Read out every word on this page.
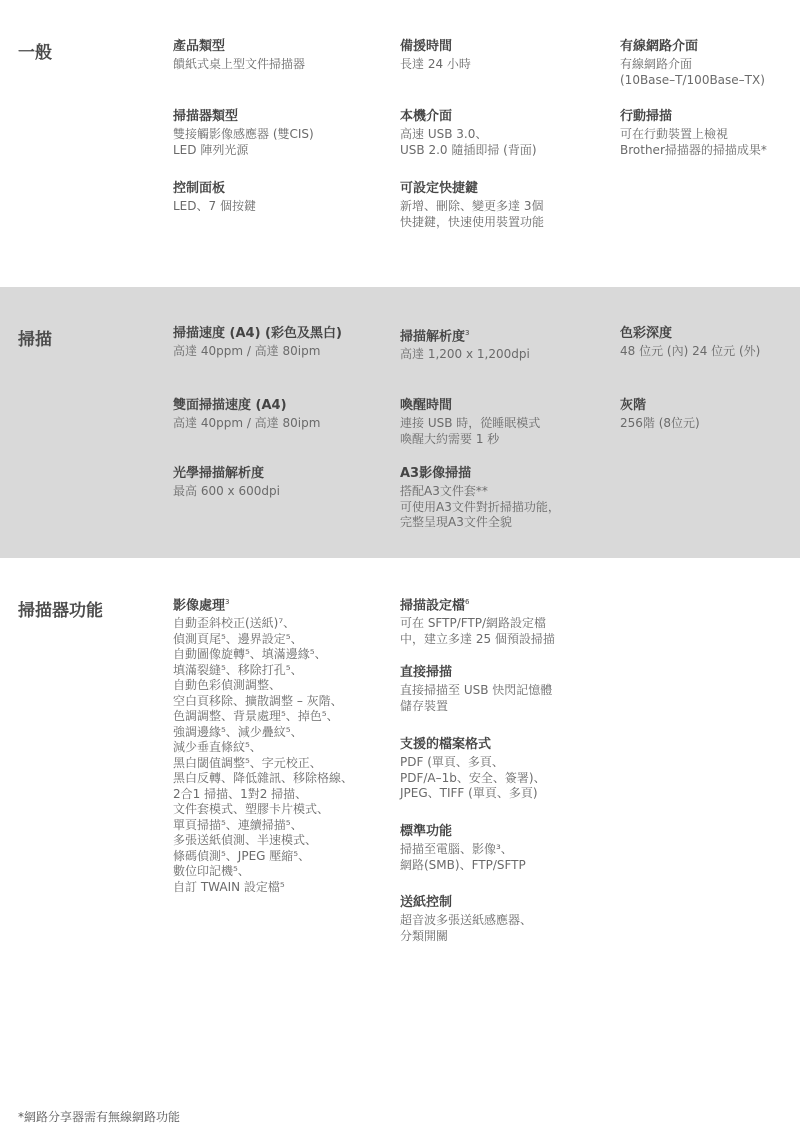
一般	產品類型
饋紙式桌上型文件掃描器
備援時間
長達 24 小時
有線網路介面
有線網路介面
(10Base–T/100Base–TX)
掃描器類型
雙接觸影像感應器 (雙CIS)
LED 陣列光源
本機介面
高速 USB 3.0、
USB 2.0 隨插即掃 (背面)
行動掃描
可在行動裝置上檢視
Brother掃描器的掃描成果*
控制面板
LED、7 個按鍵
可設定快捷鍵
新增、刪除、變更多達 3個
快捷鍵，快速使用裝置功能
掃描	掃描速度 (A4) (彩色及黑白)
高達 40ppm / 高達 80ipm
掃描解析度$^3$
高達 1,200 x 1,200dpi
色彩深度
48 位元 (內) 24 位元 (外)
雙面掃描速度 (A4)
高達 40ppm / 高達 80ipm
喚醒時間
連接 USB 時，從睡眠模式
喚醒大約需要 1 秒
灰階
256階 (8位元)
光學掃描解析度
最高 600 x 600dpi
A3影像掃描
搭配A3文件套**
可使用A3文件對折掃描功能，
完整呈現A3文件全貌
掃描器功能	影像處理$^3$
自動歪斜校正(送紙)⁷、
偵測頁尾⁵、邊界設定⁵、
自動圖像旋轉⁵、填滿邊緣⁵、
填滿裂縫⁵、移除打孔⁵、
自動色彩偵測調整、
空白頁移除、擴散調整 – 灰階、
色調調整、背景處理⁵、掉色⁵、
強調邊緣⁵、減少疊紋⁵、
減少垂直條紋⁵、
黑白閾值調整⁵、字元校正、
黑白反轉、降低雜訊、移除格線、
2合1 掃描、1對2 掃描、
文件套模式、塑膠卡片模式、
單頁掃描⁵、連續掃描⁵、
多張送紙偵測、半速模式、
條碼偵測⁵、JPEG 壓縮⁵、
數位印記機⁵、
自訂 TWAIN 設定檔⁵
掃描設定檔$^6$
可在 SFTP/FTP/網路設定檔
中，建立多達 25 個預設掃描
直接掃描
直接掃描至 USB 快閃記憶體
儲存裝置
支援的檔案格式
PDF (單頁、多頁、
PDF/A–1b、安全、簽署)、
JPEG、TIFF (單頁、多頁)
標準功能
掃描至電腦、影像³、
網路(SMB)、FTP/SFTP
送紙控制
超音波多張送紙感應器、
分類開關
*網路分享器需有無線網路功能
